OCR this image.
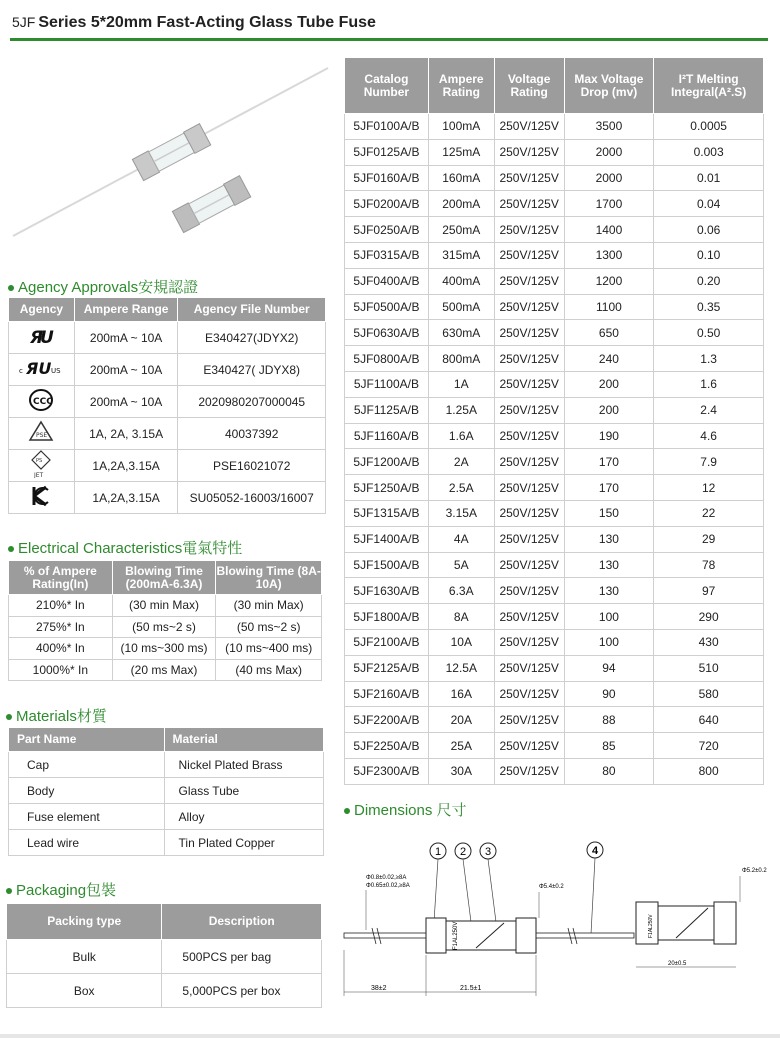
5JF Series 5*20mm Fast-Acting Glass Tube Fuse
Catalog Number	Ampere Rating	Voltage Rating	Max Voltage Drop (mv)	I²T Melting Integral(A².S)
5JF0100A/B	100mA	250V/125V	3500	0.0005
5JF0125A/B	125mA	250V/125V	2000	0.003
5JF0160A/B	160mA	250V/125V	2000	0.01
5JF0200A/B	200mA	250V/125V	1700	0.04
5JF0250A/B	250mA	250V/125V	1400	0.06
5JF0315A/B	315mA	250V/125V	1300	0.10
5JF0400A/B	400mA	250V/125V	1200	0.20
5JF0500A/B	500mA	250V/125V	1100	0.35
5JF0630A/B	630mA	250V/125V	650	0.50
5JF0800A/B	800mA	250V/125V	240	1.3
5JF1100A/B	1A	250V/125V	200	1.6
5JF1125A/B	1.25A	250V/125V	200	2.4
5JF1160A/B	1.6A	250V/125V	190	4.6
5JF1200A/B	2A	250V/125V	170	7.9
5JF1250A/B	2.5A	250V/125V	170	12
5JF1315A/B	3.15A	250V/125V	150	22
5JF1400A/B	4A	250V/125V	130	29
5JF1500A/B	5A	250V/125V	130	78
5JF1630A/B	6.3A	250V/125V	130	97
5JF1800A/B	8A	250V/125V	100	290
5JF2100A/B	10A	250V/125V	100	430
5JF2125A/B	12.5A	250V/125V	94	510
5JF2160A/B	16A	250V/125V	90	580
5JF2200A/B	20A	250V/125V	88	640
5JF2250A/B	25A	250V/125V	85	720
5JF2300A/B	30A	250V/125V	80	800
Agency Approvals安規認證
Agency	Ampere Range	Agency File Number

Я
U	200mA ~ 10A	E340427(JDYX2)

c ЯU US	200mA ~ 10A	E340427( JDYX8)

CCC	200mA ~ 10A	2020980207000045

PSE	1A, 2A, 3.15A	40037392

PS
JET	1A,2A,3.15A	PSE16021072
	1A,2A,3.15A	SU05052-16003/16007
Electrical Characteristics電氣特性
% of Ampere Rating(In)	Blowing Time (200mA-6.3A)	Blowing Time (8A-10A)
210%* In	(30 min Max)	(30 min Max)
275%* In	(50 ms~2 s)	(50 ms~2 s)
400%* In	(10 ms~300 ms)	(10 ms~400 ms)
1000%* In	(20 ms Max)	(40 ms Max)
Materials材質
Part Name	Material
Cap	Nickel Plated Brass
Body	Glass Tube
Fuse element	Alloy
Lead wire	Tin Plated Copper
Packaging包裝
Packing type	Description
Bulk	500PCS per bag
Box	5,000PCS per box
Dimensions 尺寸
1 2 3	4
F1AL250V
Φ0.8±0.02,≥8A
Φ0.65±0.02,≥8A	Φ5.4±0.2
38±2	21.5±1
F1AL250V
Φ5.2±0.2
20±0.5
